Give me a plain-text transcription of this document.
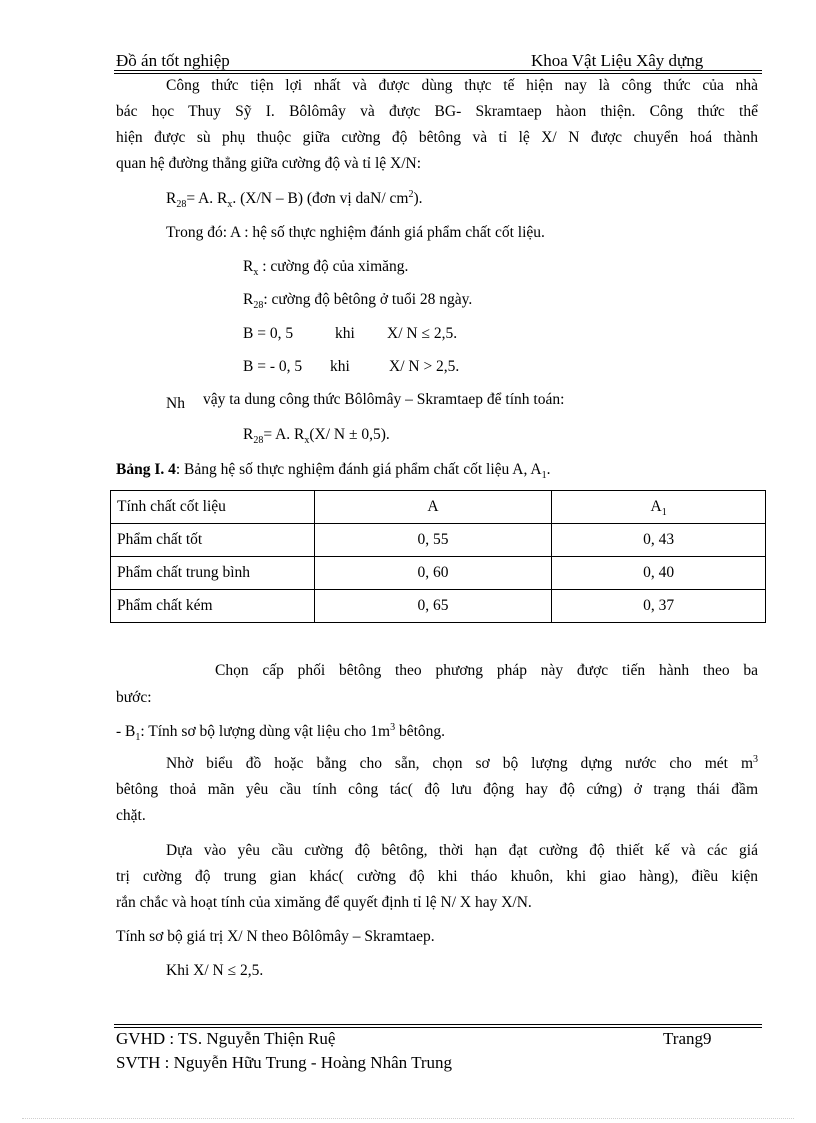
Đồ án tốt nghiệp	Khoa Vật Liệu Xây dựng
Công thức tiện lợi nhất và được dùng thực tế hiện nay là công thức của nhà
bác học Thuy Sỹ I. Bôlômây và được BG- Skramtaep hàon thiện. Công thức thể
hiện được sù phụ thuộc giữa cường độ bêtông và tỉ lệ X/ N được chuyển hoá thành
quan hệ đường thẳng giữa cường độ và tỉ lệ X/N:
$R_{28}= A$. $R_x$. (X/N – B) (đơn vị daN/ $cm^2$).
Trong đó: A : hệ số thực nghiệm đánh giá phẩm chất cốt liệu.
$R_x$ : cường độ của ximăng.
$R_{28}$: cường độ bêtông ở tuổi 28 ngày.
B = 0, 5	khi X/ N ≤ 2,5.
B = - 0, 5 khi	X/ N > 2,5.
Nh vậy ta dung công thức Bôlômây – Skramtaep để tính toán:
$R_{28}= A$. $R_x(X/$ N ± 0,5).
Bảng I. 4: Bảng hệ số thực nghiệm đánh giá phẩm chất cốt liệu A, $A_1$.
Tính chất cốt liệu	A	$A_1$
Phẩm chất tốt	0, 55	0, 43
Phẩm chất trung bình	0, 60	0, 40
Phẩm chất kém	0, 65	0, 37
Chọn cấp phối bêtông theo phương pháp này được tiến hành theo ba
bước:
- $B_1$: Tính sơ bộ lượng dùng vật liệu cho $1m^3$ bêtông.
Nhờ biểu đồ hoặc bằng cho sẵn, chọn sơ bộ lượng dựng nước cho mét $m^3$
bêtông thoả mãn yêu cầu tính công tác( độ lưu động hay độ cứng) ở trạng thái đầm
chặt.
Dựa vào yêu cầu cường độ bêtông, thời hạn đạt cường độ thiết kế và các giá
trị cường độ trung gian khác( cường độ khi tháo khuôn, khi giao hàng), điều kiện
rắn chắc và hoạt tính của ximăng để quyết định tỉ lệ N/ X hay X/N.
Tính sơ bộ giá trị X/ N theo Bôlômây – Skramtaep.
Khi X/ N ≤ 2,5.
GVHD : TS. Nguyễn Thiện Ruệ	Trang9
SVTH : Nguyễn Hữu Trung - Hoàng Nhân Trung
